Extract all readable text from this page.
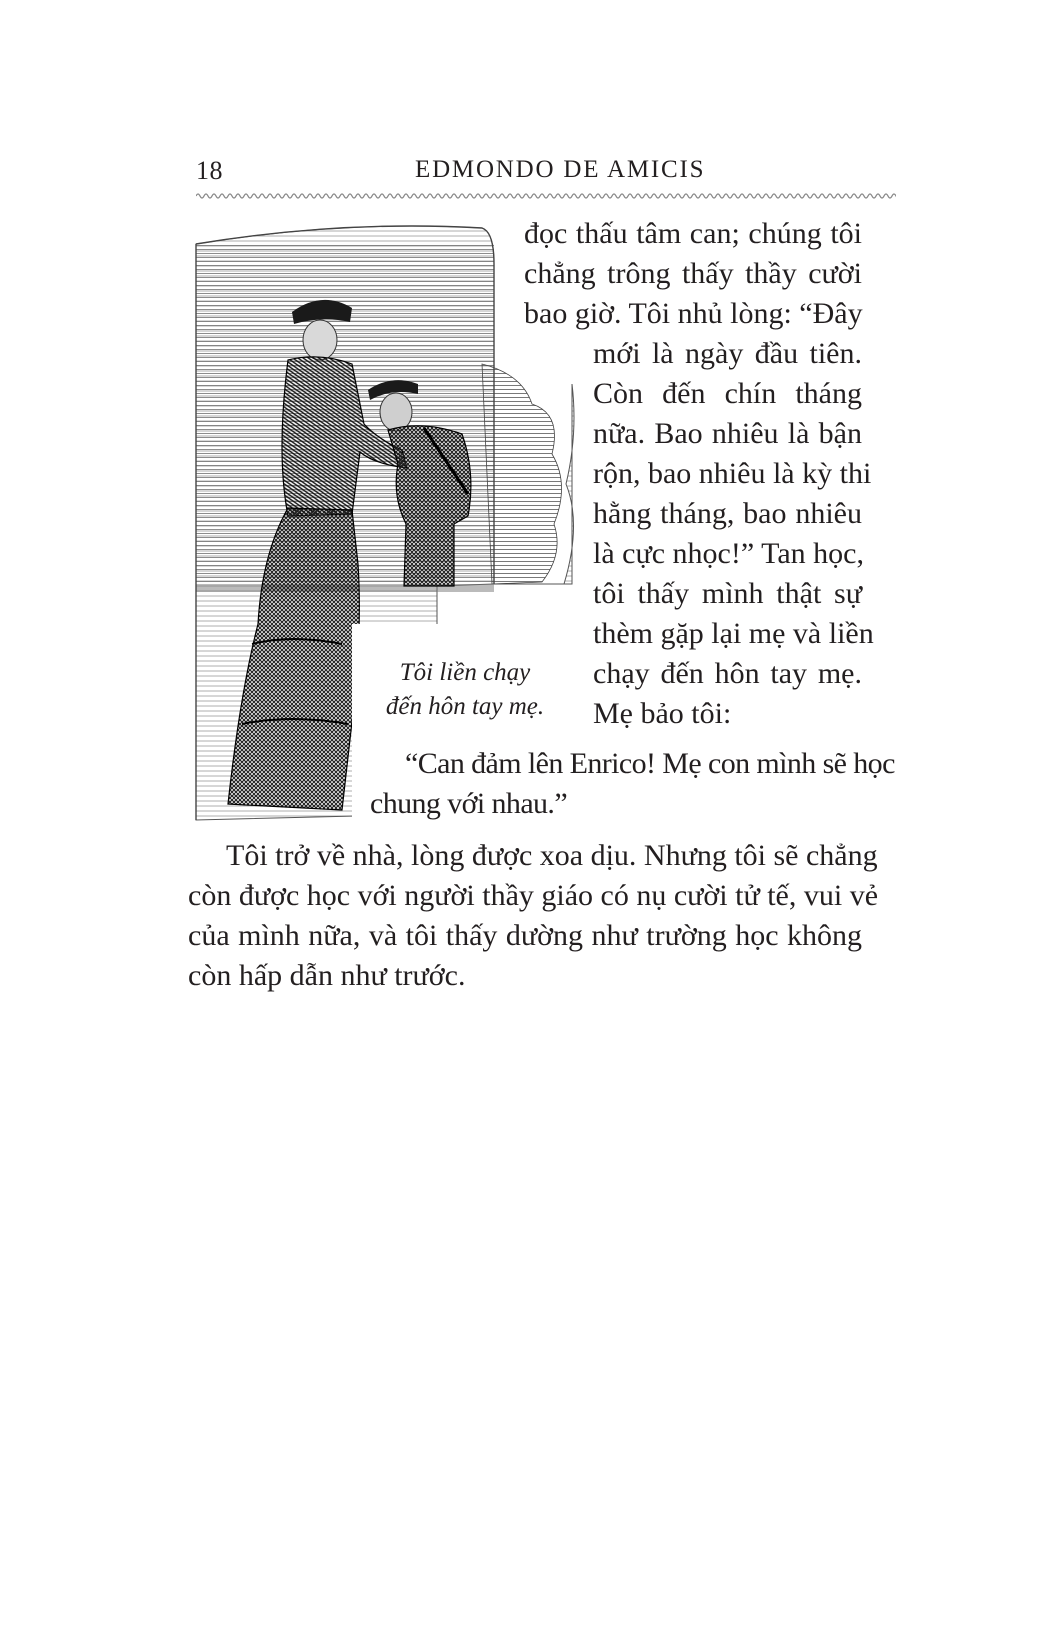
18	EDMONDO DE AMICIS
Tôi liền chạy
đến hôn tay mẹ.
đọc thấu tâm can; chúng tôi
chẳng trông thấy thầy cười
bao giờ. Tôi nhủ lòng: “Đây
mới là ngày đầu tiên.
Còn đến chín tháng
nữa. Bao nhiêu là bận
rộn, bao nhiêu là kỳ thi
hằng tháng, bao nhiêu
là cực nhọc!” Tan học,
tôi thấy mình thật sự
thèm gặp lại mẹ và liền
chạy đến hôn tay mẹ.
Mẹ bảo tôi:
“Can đảm lên Enrico! Mẹ con mình sẽ học
chung với nhau.”
Tôi trở về nhà, lòng được xoa dịu. Nhưng tôi sẽ chẳng
còn được học với người thầy giáo có nụ cười tử tế, vui vẻ
của mình nữa, và tôi thấy dường như trường học không
còn hấp dẫn như trước.
